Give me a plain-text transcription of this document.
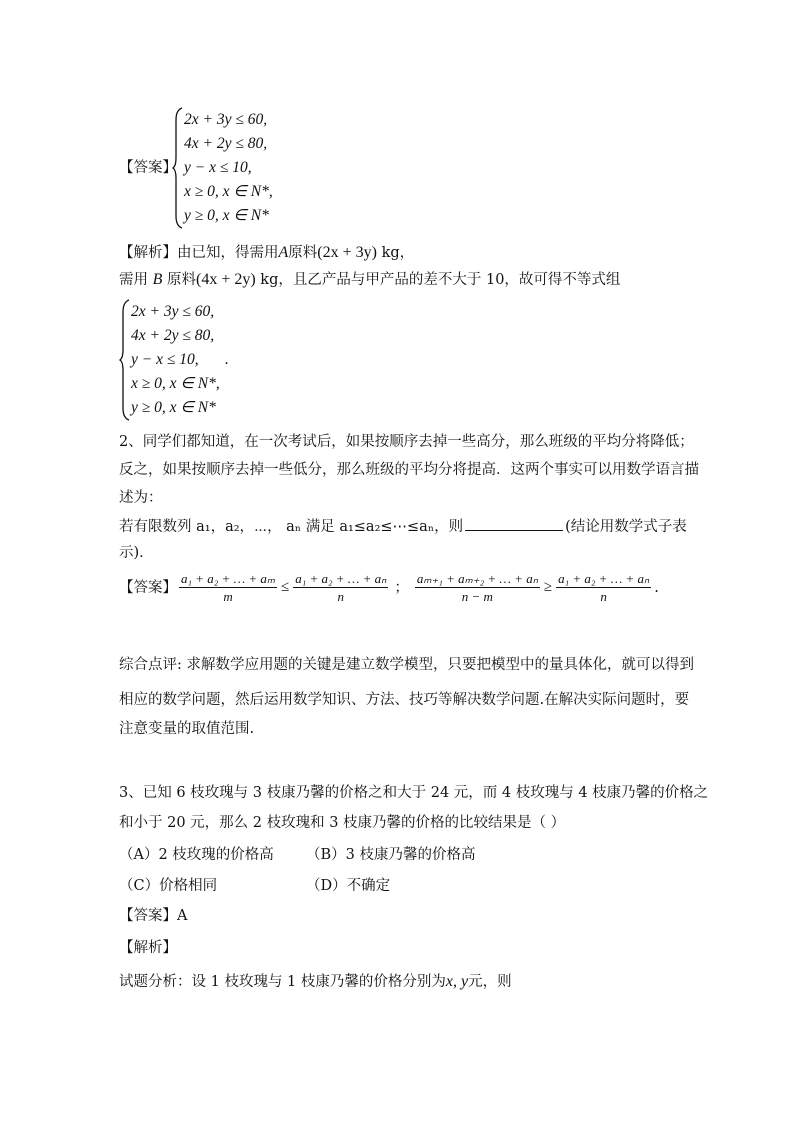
【答案】
2x + 3y ≤ 60,
4x + 2y ≤ 80,
y − x ≤ 10,
x ≥ 0, x ∈ N*,
y ≥ 0, x ∈ N*
【解析】由已知，得需用A原料(2x + 3y) kg，
需用 B 原料(4x + 2y) kg，且乙产品与甲产品的差不大于 10，故可得不等式组
2x + 3y ≤ 60,
4x + 2y ≤ 80,
y − x ≤ 10, .
x ≥ 0, x ∈ N*,
y ≥ 0, x ∈ N*
2、同学们都知道，在一次考试后，如果按顺序去掉一些高分，那么班级的平均分将降低；
反之，如果按顺序去掉一些低分，那么班级的平均分将提高．这两个事实可以用数学语言描
述为：
若有限数列 a₁，a₂，⋯， aₙ 满足 a₁≤a₂≤⋯≤aₙ，则	(结论用数学式子表
示)．
【答案】 $\frac{\text{a₁ + a₂ + … + aₘ}}{m} \le \frac{\text{a₁ + a₂ + … + aₙ}}{n}$ ； $\frac{\text{aₘ₊₁ + aₘ₊₂ + … + aₙ}}{n - m} \ge \frac{\text{a₁ + a₂ + … + aₙ}}{n}$ .
综合点评: 求解数学应用题的关键是建立数学模型，只要把模型中的量具体化，就可以得到
相应的数学问题，然后运用数学知识、方法、技巧等解决数学问题.在解决实际问题时，要
注意变量的取值范围.
3、已知 6 枝玫瑰与 3 枝康乃馨的价格之和大于 24 元，而 4 枝玫瑰与 4 枝康乃馨的价格之
和小于 20 元，那么 2 枝玫瑰和 3 枝康乃馨的价格的比较结果是（ ）
（A）2 枝玫瑰的价格高 （B）3 枝康乃馨的价格高
（C）价格相同	（D）不确定
【答案】A
【解析】
试题分析：设 1 枝玫瑰与 1 枝康乃馨的价格分别为x, y元，则
